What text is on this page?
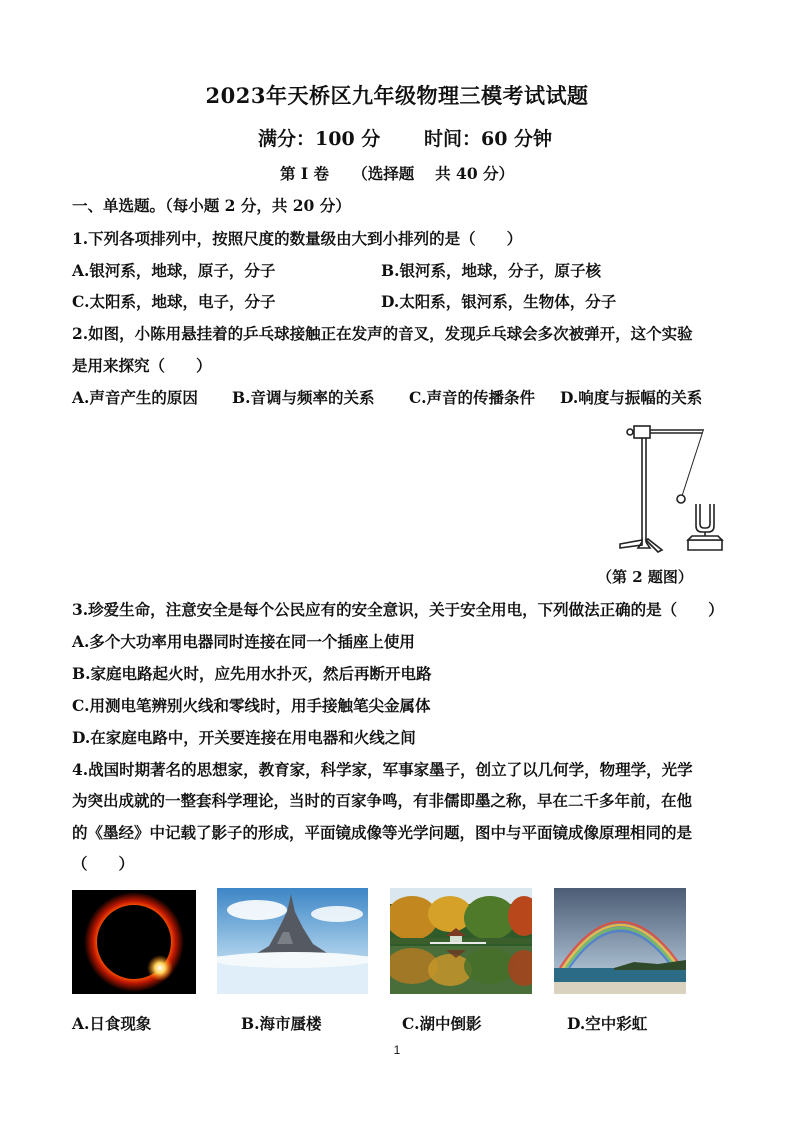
2023年天桥区九年级物理三模考试试题
满分：100 分 时间：60 分钟
第 I 卷　　（选择题　 共 40 分）
一、单选题。（每小题 2 分，共 20 分）
1.下列各项排列中，按照尺度的数量级由大到小排列的是（　　）
A.银河系，地球，原子，分子	B.银河系，地球，分子，原子核
C.太阳系，地球，电子，分子	D.太阳系，银河系，生物体，分子
2.如图，小陈用悬挂着的乒乓球接触正在发声的音叉，发现乒乓球会多次被弹开，这个实验
是用来探究（　　）
A.声音产生的原因 B.音调与频率的关系 C.声音的传播条件 D.响度与振幅的关系
（第 2 题图）
3.珍爱生命，注意安全是每个公民应有的安全意识，关于安全用电，下列做法正确的是（　　）
A.多个大功率用电器同时连接在同一个插座上使用
B.家庭电路起火时，应先用水扑灭，然后再断开电路
C.用测电笔辨别火线和零线时，用手接触笔尖金属体
D.在家庭电路中，开关要连接在用电器和火线之间
4.战国时期著名的思想家，教育家，科学家，军事家墨子，创立了以几何学，物理学，光学
为突出成就的一整套科学理论，当时的百家争鸣，有非儒即墨之称，早在二千多年前，在他
的《墨经》中记载了影子的形成，平面镜成像等光学问题，图中与平面镜成像原理相同的是
（　　）
A.日食现象	B.海市蜃楼	C.湖中倒影	D.空中彩虹
1
